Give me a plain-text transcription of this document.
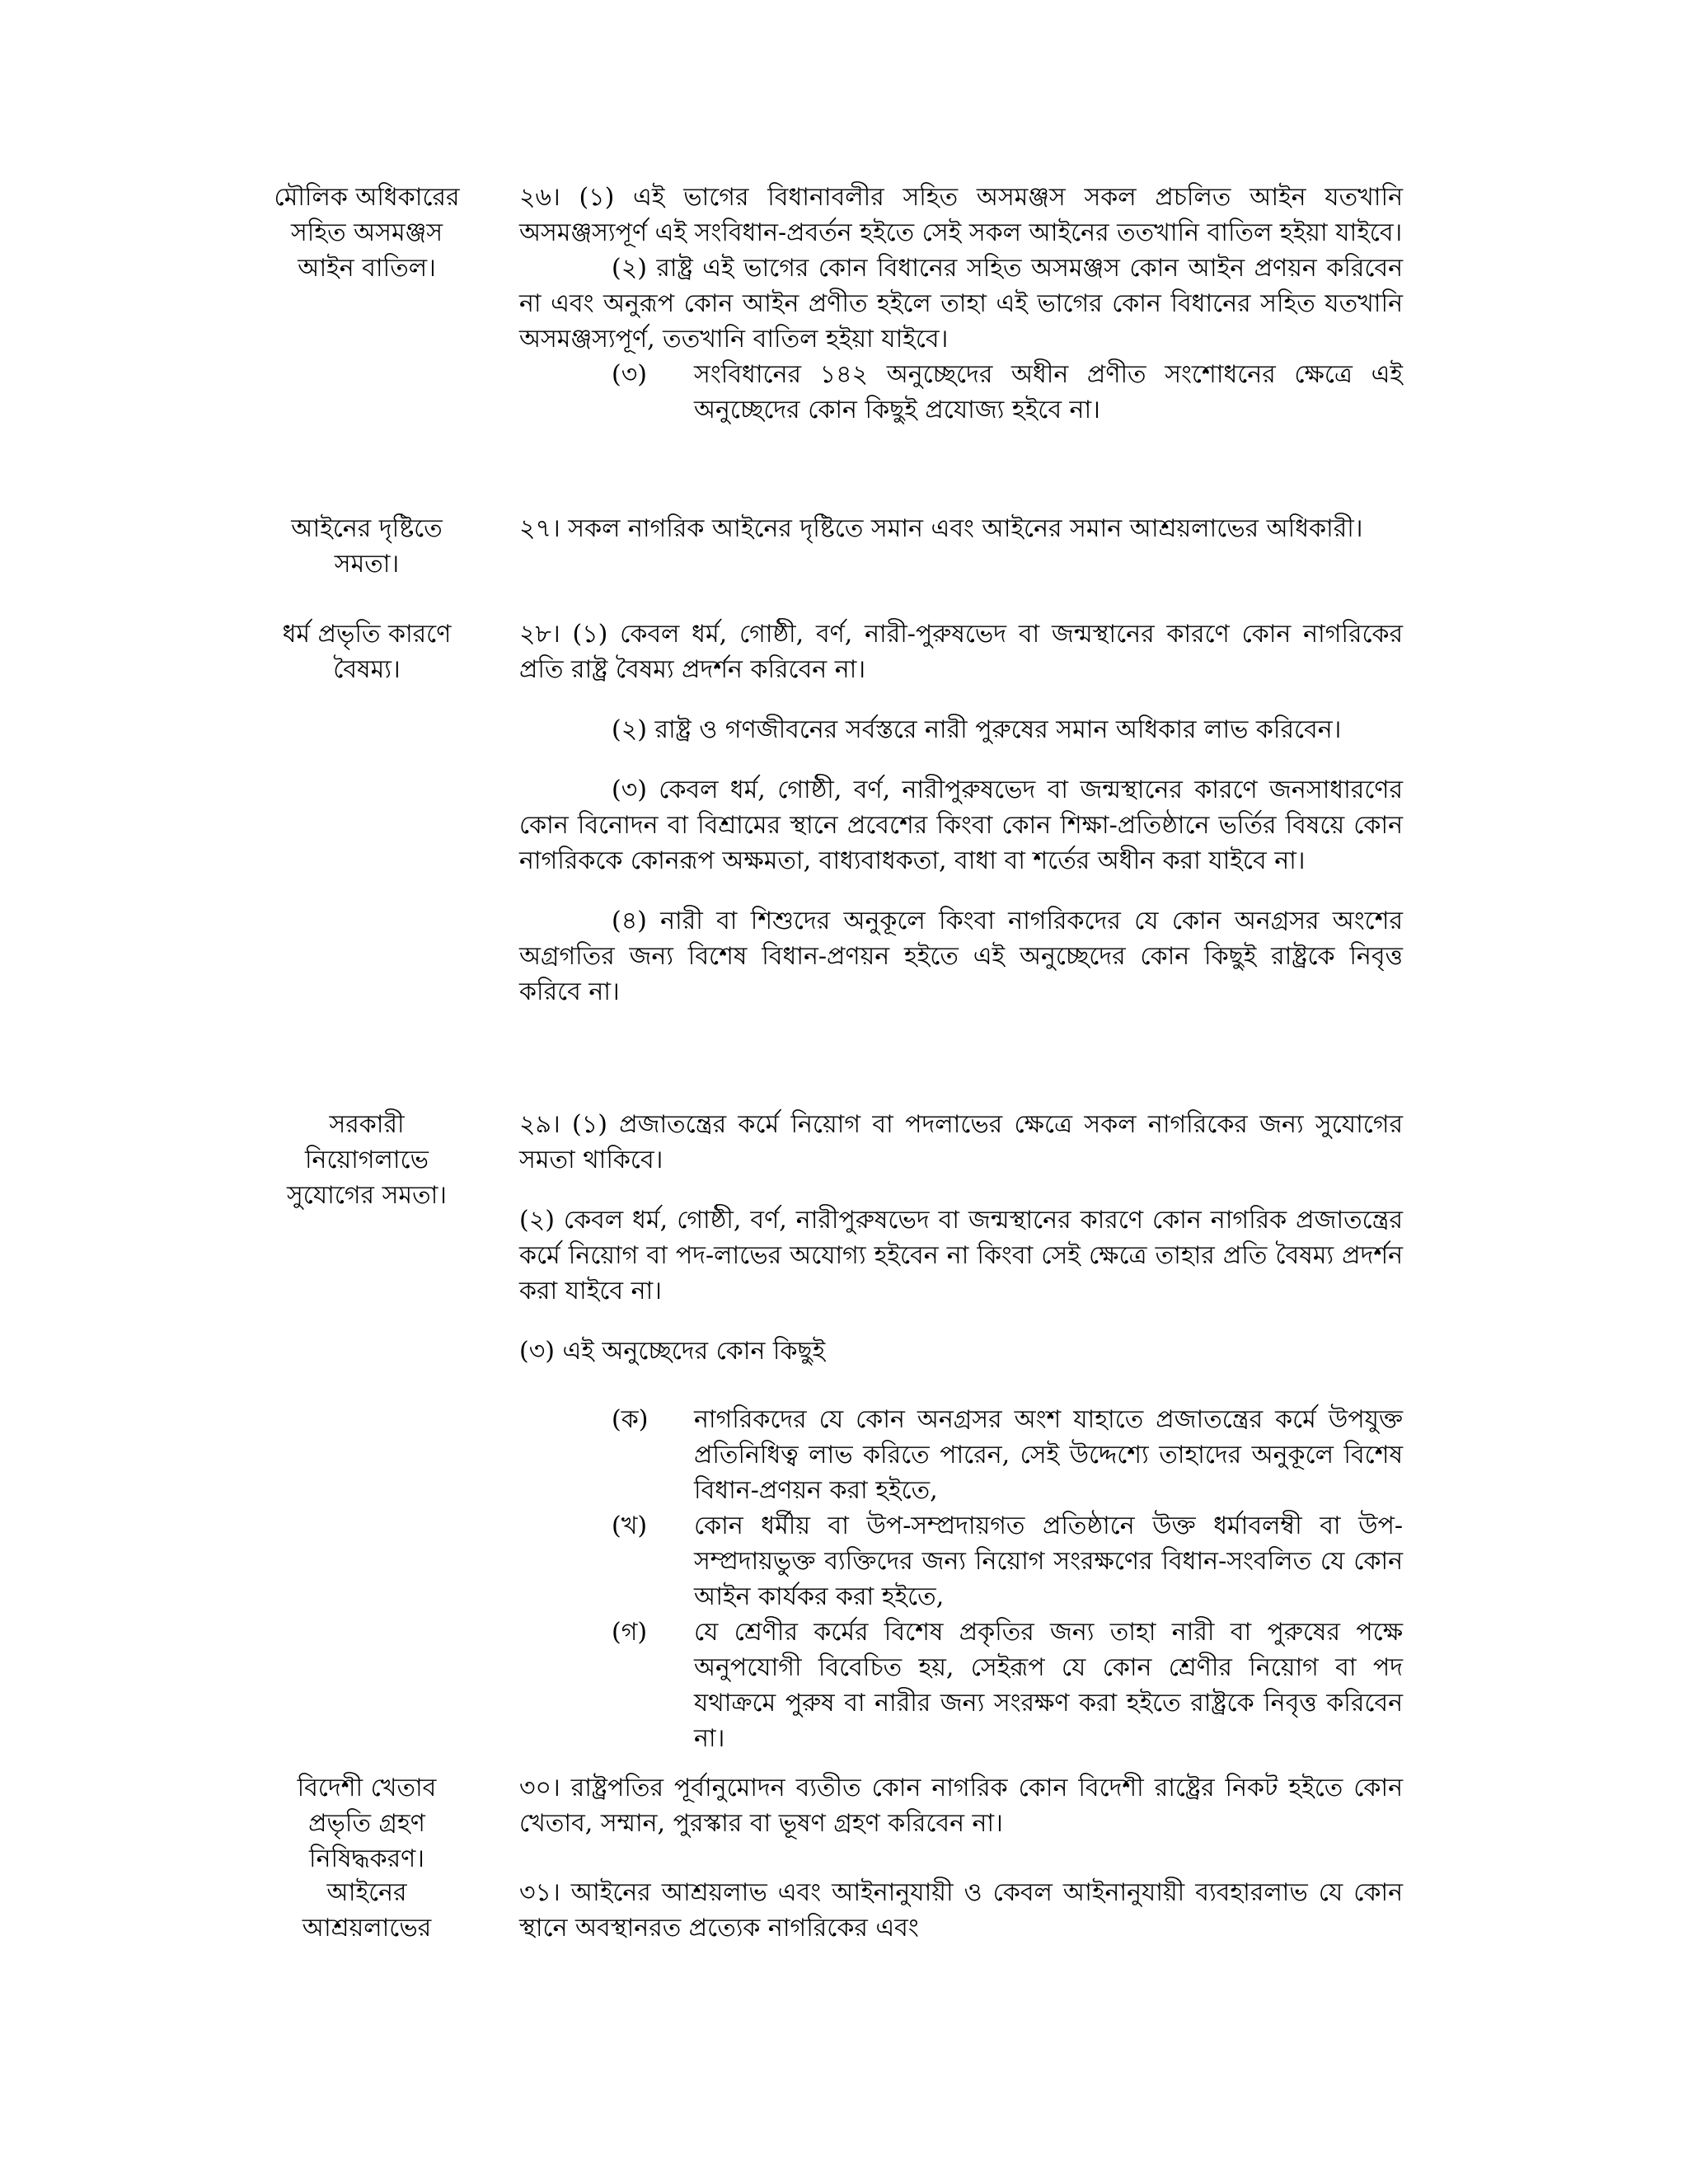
মৌলিক অধিকারের
সহিত অসমঞ্জস
আইন বাতিল।

২৬। (১) এই ভাগের বিধানাবলীর সহিত অসমঞ্জস সকল প্রচলিত আইন যতখানি অসমঞ্জস্যপূর্ণ এই সংবিধান-প্রবর্তন হইতে সেই সকল আইনের ততখানি বাতিল হইয়া যাইবে।

(২) রাষ্ট্র এই ভাগের কোন বিধানের সহিত অসমঞ্জস কোন আইন প্রণয়ন করিবেন না এবং অনুরূপ কোন আইন প্রণীত হইলে তাহা এই ভাগের কোন বিধানের সহিত যতখানি অসমঞ্জস্যপূর্ণ, ততখানি বাতিল হইয়া যাইবে।

(৩)	সংবিধানের ১৪২ অনুচ্ছেদের অধীন প্রণীত সংশোধনের ক্ষেত্রে এই অনুচ্ছেদের কোন কিছুই প্রযোজ্য হইবে না।
আইনের দৃষ্টিতে
সমতা।

২৭। সকল নাগরিক আইনের দৃষ্টিতে সমান এবং আইনের সমান আশ্রয়লাভের অধিকারী।

ধর্ম প্রভৃতি কারণে
বৈষম্য।

২৮। (১) কেবল ধর্ম, গোষ্ঠী, বর্ণ, নারী-পুরুষভেদ বা জন্মস্থানের কারণে কোন নাগরিকের প্রতি রাষ্ট্র বৈষম্য প্রদর্শন করিবেন না।

(২) রাষ্ট্র ও গণজীবনের সর্বস্তরে নারী পুরুষের সমান অধিকার লাভ করিবেন।

(৩) কেবল ধর্ম, গোষ্ঠী, বর্ণ, নারীপুরুষভেদ বা জন্মস্থানের কারণে জনসাধারণের কোন বিনোদন বা বিশ্রামের স্থানে প্রবেশের কিংবা কোন শিক্ষা-প্রতিষ্ঠানে ভর্তির বিষয়ে কোন নাগরিককে কোনরূপ অক্ষমতা, বাধ্যবাধকতা, বাধা বা শর্তের অধীন করা যাইবে না।

(৪) নারী বা শিশুদের অনুকূলে কিংবা নাগরিকদের যে কোন অনগ্রসর অংশের অগ্রগতির জন্য বিশেষ বিধান-প্রণয়ন হইতে এই অনুচ্ছেদের কোন কিছুই রাষ্ট্রকে নিবৃত্ত করিবে না।

সরকারী
নিয়োগলাভে
সুযোগের সমতা।

২৯। (১) প্রজাতন্ত্রের কর্মে নিয়োগ বা পদলাভের ক্ষেত্রে সকল নাগরিকের জন্য সুযোগের সমতা থাকিবে।

(২) কেবল ধর্ম, গোষ্ঠী, বর্ণ, নারীপুরুষভেদ বা জন্মস্থানের কারণে কোন নাগরিক প্রজাতন্ত্রের কর্মে নিয়োগ বা পদ-লাভের অযোগ্য হইবেন না কিংবা সেই ক্ষেত্রে তাহার প্রতি বৈষম্য প্রদর্শন করা যাইবে না।

(৩) এই অনুচ্ছেদের কোন কিছুই

(ক)	নাগরিকদের যে কোন অনগ্রসর অংশ যাহাতে প্রজাতন্ত্রের কর্মে উপযুক্ত প্রতিনিধিত্ব লাভ করিতে পারেন, সেই উদ্দেশ্যে তাহাদের অনুকূলে বিশেষ বিধান-প্রণয়ন করা হইতে,
(খ)	কোন ধর্মীয় বা উপ-সম্প্রদায়গত প্রতিষ্ঠানে উক্ত ধর্মাবলম্বী বা উপ-সম্প্রদায়ভুক্ত ব্যক্তিদের জন্য নিয়োগ সংরক্ষণের বিধান-সংবলিত যে কোন আইন কার্যকর করা হইতে,
(গ)	যে শ্রেণীর কর্মের বিশেষ প্রকৃতির জন্য তাহা নারী বা পুরুষের পক্ষে অনুপযোগী বিবেচিত হয়, সেইরূপ যে কোন শ্রেণীর নিয়োগ বা পদ যথাক্রমে পুরুষ বা নারীর জন্য সংরক্ষণ করা হইতে রাষ্ট্রকে নিবৃত্ত করিবেন না।
বিদেশী খেতাব
প্রভৃতি গ্রহণ
নিষিদ্ধকরণ।

৩০। রাষ্ট্রপতির পূর্বানুমোদন ব্যতীত কোন নাগরিক কোন বিদেশী রাষ্ট্রের নিকট হইতে কোন খেতাব, সম্মান, পুরস্কার বা ভূষণ গ্রহণ করিবেন না।

আইনের
আশ্রয়লাভের

৩১। আইনের আশ্রয়লাভ এবং আইনানুযায়ী ও কেবল আইনানুযায়ী ব্যবহারলাভ যে কোন স্থানে অবস্থানরত প্রত্যেক নাগরিকের এবং
